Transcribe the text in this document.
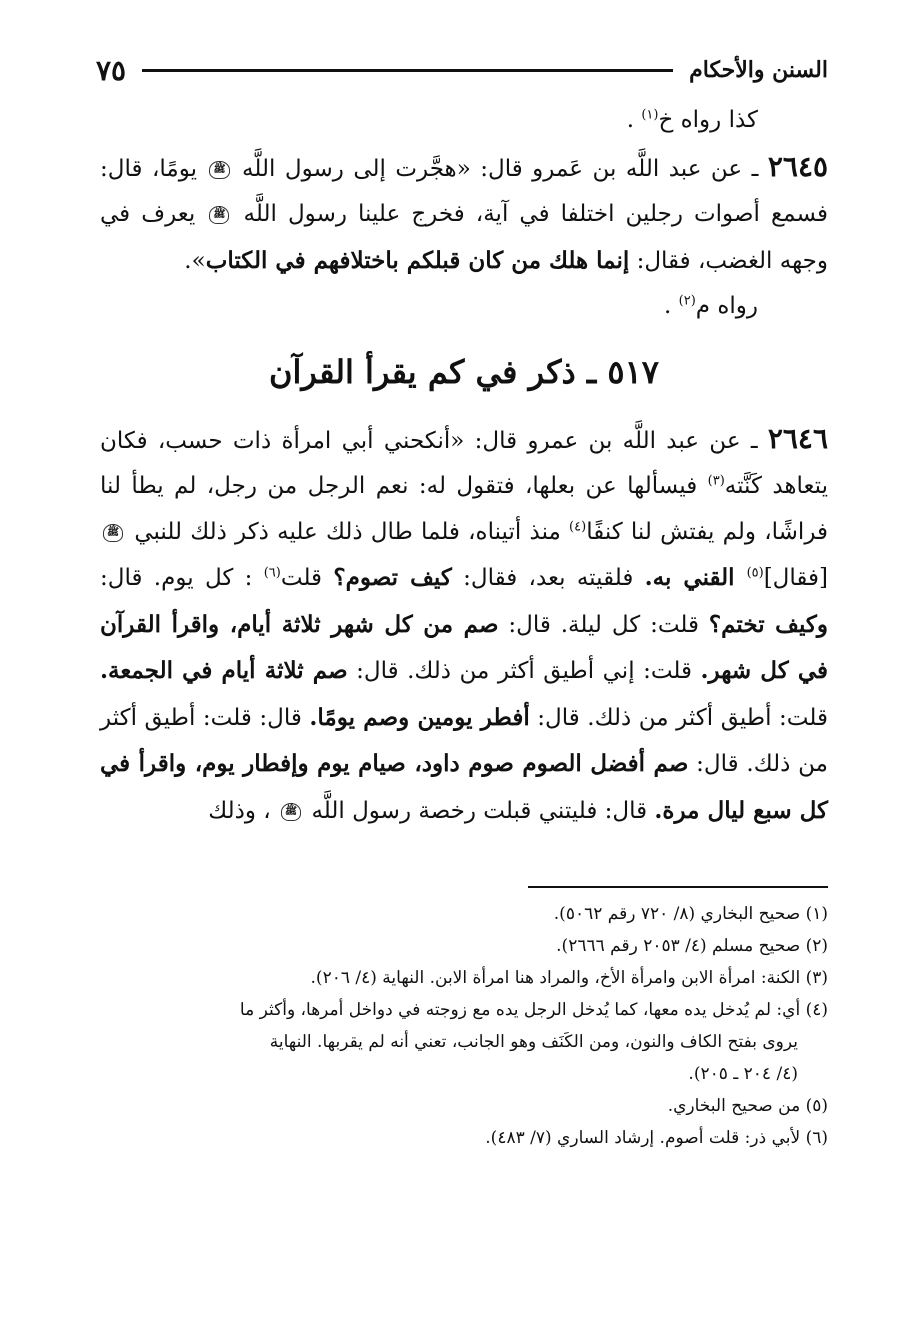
السنن والأحكام
٧٥

كذا رواه خ$^{(١)}$ .

٢٦٤٥ ـ عن عبد اللَّه بن عَمرو قال: «هجَّرت إلى رسول اللَّه ﷺ يومًا، قال: فسمع أصوات رجلين اختلفا في آية، فخرج علينا رسول اللَّه ﷺ يعرف في وجهه الغضب، فقال: إنما هلك من كان قبلكم باختلافهم في الكتاب».

رواه م$^{(٢)}$ .

٥١٧ ـ ذكر في كم يقرأ القرآن

٢٦٤٦ ـ عن عبد اللَّه بن عمرو قال: «أنكحني أبي امرأة ذات حسب، فكان يتعاهد كَنَّته$^{(٣)}$ فيسألها عن بعلها، فتقول له: نعم الرجل من رجل، لم يطأ لنا فراشًا، ولم يفتش لنا كنفًا$^{(٤)}$ منذ أتيناه، فلما طال ذلك عليه ذكر ذلك للنبي ﷺ [فقال]$^{(٥)}$ القني به. فلقيته بعد، فقال: كيف تصوم؟ قلت$^{(٦)}$ : كل يوم. قال: وكيف تختم؟ قلت: كل ليلة. قال: صم من كل شهر ثلاثة أيام، واقرأ القرآن في كل شهر. قلت: إني أطيق أكثر من ذلك. قال: صم ثلاثة أيام في الجمعة. قلت: أطيق أكثر من ذلك. قال: أفطر يومين وصم يومًا. قال: قلت: أطيق أكثر من ذلك. قال: صم أفضل الصوم صوم داود، صيام يوم وإفطار يوم، واقرأ في كل سبع ليال مرة. قال: فليتني قبلت رخصة رسول اللَّه ﷺ ، وذلك

(١) صحيح البخاري (٨/ ٧٢٠ رقم ٥٠٦٢).

(٢) صحيح مسلم (٤/ ٢٠٥٣ رقم ٢٦٦٦).

(٣) الكنة: امرأة الابن وامرأة الأخ، والمراد هنا امرأة الابن. النهاية (٤/ ٢٠٦).

(٤) أي: لم يُدخل يده معها، كما يُدخل الرجل يده مع زوجته في دواخل أمرها، وأكثر ما

يروى بفتح الكاف والنون، ومن الكَنَف وهو الجانب، تعني أنه لم يقربها. النهاية

(٤/ ٢٠٤ ـ ٢٠٥).

(٥) من صحيح البخاري.

(٦) لأبي ذر: قلت أصوم. إرشاد الساري (٧/ ٤٨٣).
